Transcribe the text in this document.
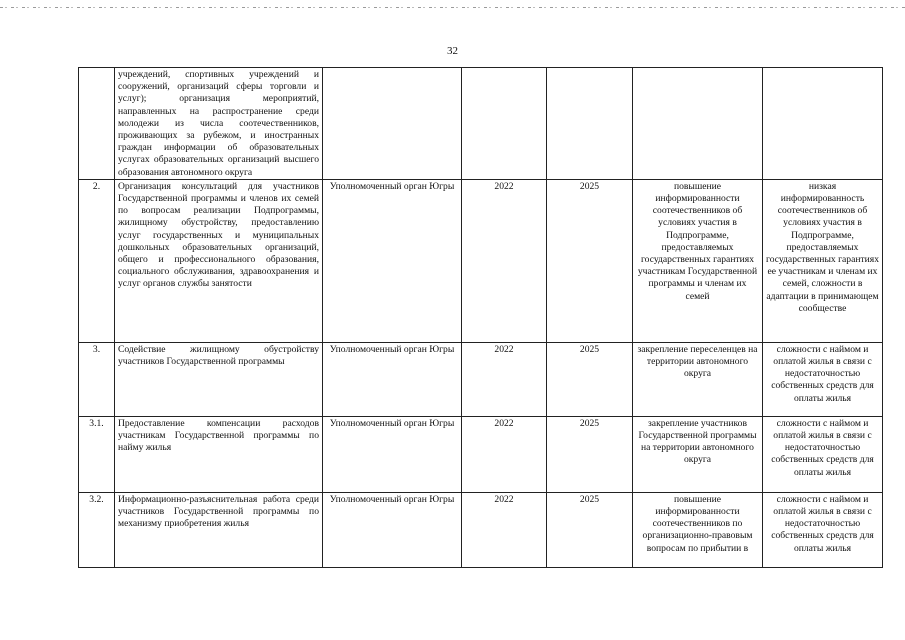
32
	учреждений, спортивных учреждений и сооружений, организаций сферы торговли и услуг); организация мероприятий, направленных на распространение среди молодежи из числа соотечественников, проживающих за рубежом, и иностранных граждан информации об образовательных услугах образовательных организаций высшего образования автономного округа					
2.	Организация консультаций для участников Государственной программы и членов их семей по вопросам реализации Подпрограммы, жилищному обустройству, предоставлению услуг государственных и муниципальных дошкольных образовательных организаций, общего и профессионального образования, социального обслуживания, здравоохранения и услуг органов службы занятости	Уполномоченный орган Югры	2022	2025	повышение информированности соотечественников об условиях участия в Подпрограмме, предоставляемых государственных гарантиях участникам Государственной программы и членам их семей	низкая информированность соотечественников об условиях участия в Подпрограмме, предоставляемых государственных гарантиях ее участникам и членам их семей, сложности в адаптации в принимающем сообществе
3.	Содействие жилищному обустройству участников Государственной программы	Уполномоченный орган Югры	2022	2025	закрепление переселенцев на территории автономного округа	сложности с наймом и оплатой жилья в связи с недостаточностью собственных средств для оплаты жилья
3.1.	Предоставление компенсации расходов участникам Государственной программы по найму жилья	Уполномоченный орган Югры	2022	2025	закрепление участников Государственной программы на территории автономного округа	сложности с наймом и оплатой жилья в связи с недостаточностью собственных средств для оплаты жилья
3.2.	Информационно-разъяснительная работа среди участников Государственной программы по механизму приобретения жилья	Уполномоченный орган Югры	2022	2025	повышение информированности соотечественников по организационно-правовым вопросам по прибытии в	сложности с наймом и оплатой жилья в связи с недостаточностью собственных средств для оплаты жилья
